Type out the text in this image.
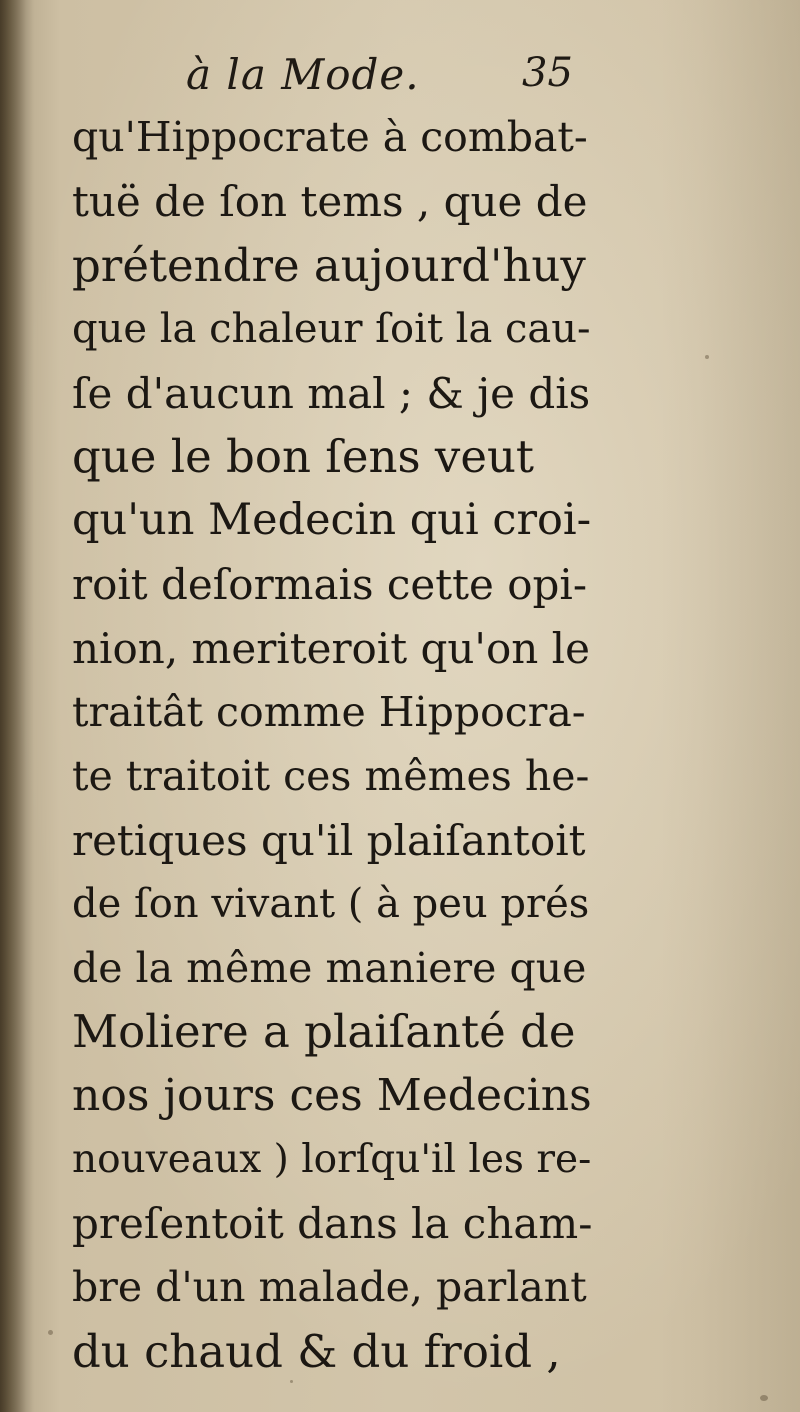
à la Mode.	35
qu'Hippocrate à combat-
tuë de ſon tems , que de
prétendre aujourd'huy
que la chaleur ſoit la cau-
ſe d'aucun mal ; & je dis
que le bon ſens veut
qu'un Medecin qui croi-
roit deſormais cette opi-
nion, meriteroit qu'on le
traitât comme Hippocra-
te traitoit ces mêmes he-
retiques qu'il plaiſantoit
de ſon vivant ( à peu prés
de la même maniere que
Moliere a plaiſanté de
nos jours ces Medecins
nouveaux ) lorſqu'il les re-
preſentoit dans la cham-
bre d'un malade, parlant
du chaud & du froid ,
